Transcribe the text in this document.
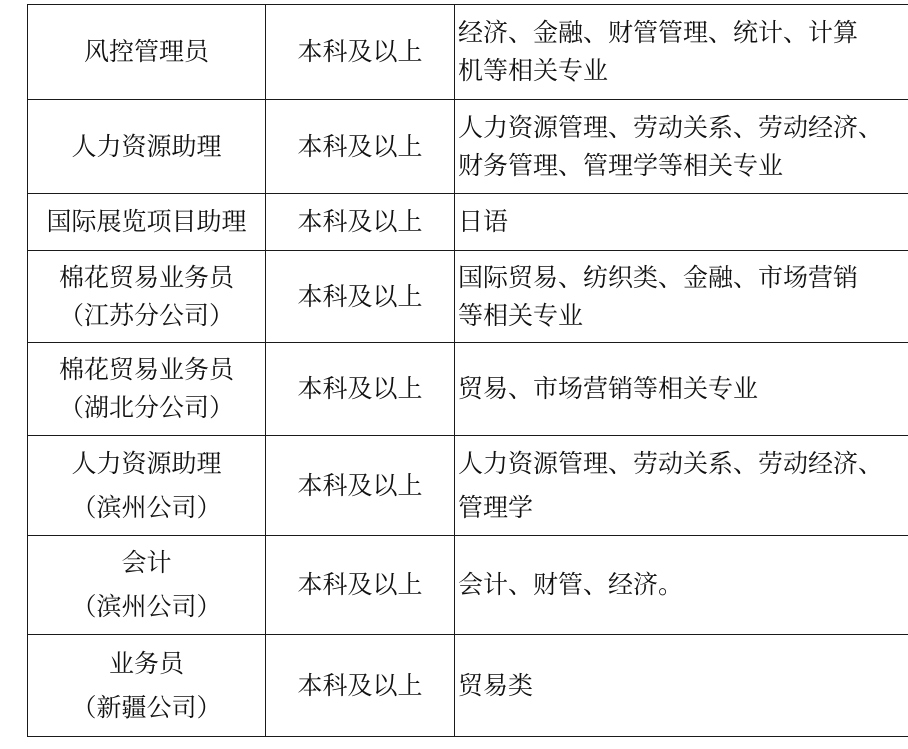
风控管理员	本科及以上	经济、金融、财管管理、统计、计算
机等相关专业

人力资源助理	本科及以上	人力资源管理、劳动关系、劳动经济、
财务管理、管理学等相关专业

国际展览项目助理	本科及以上	日语

棉花贸易业务员
（江苏分公司）	本科及以上	国际贸易、纺织类、金融、市场营销
等相关专业

棉花贸易业务员
（湖北分公司）	本科及以上	贸易、市场营销等相关专业

人力资源助理
（滨州公司）	本科及以上	人力资源管理、劳动关系、劳动经济、
管理学

会计
（滨州公司）	本科及以上	会计、财管、经济。

业务员
（新疆公司）	本科及以上	贸易类
